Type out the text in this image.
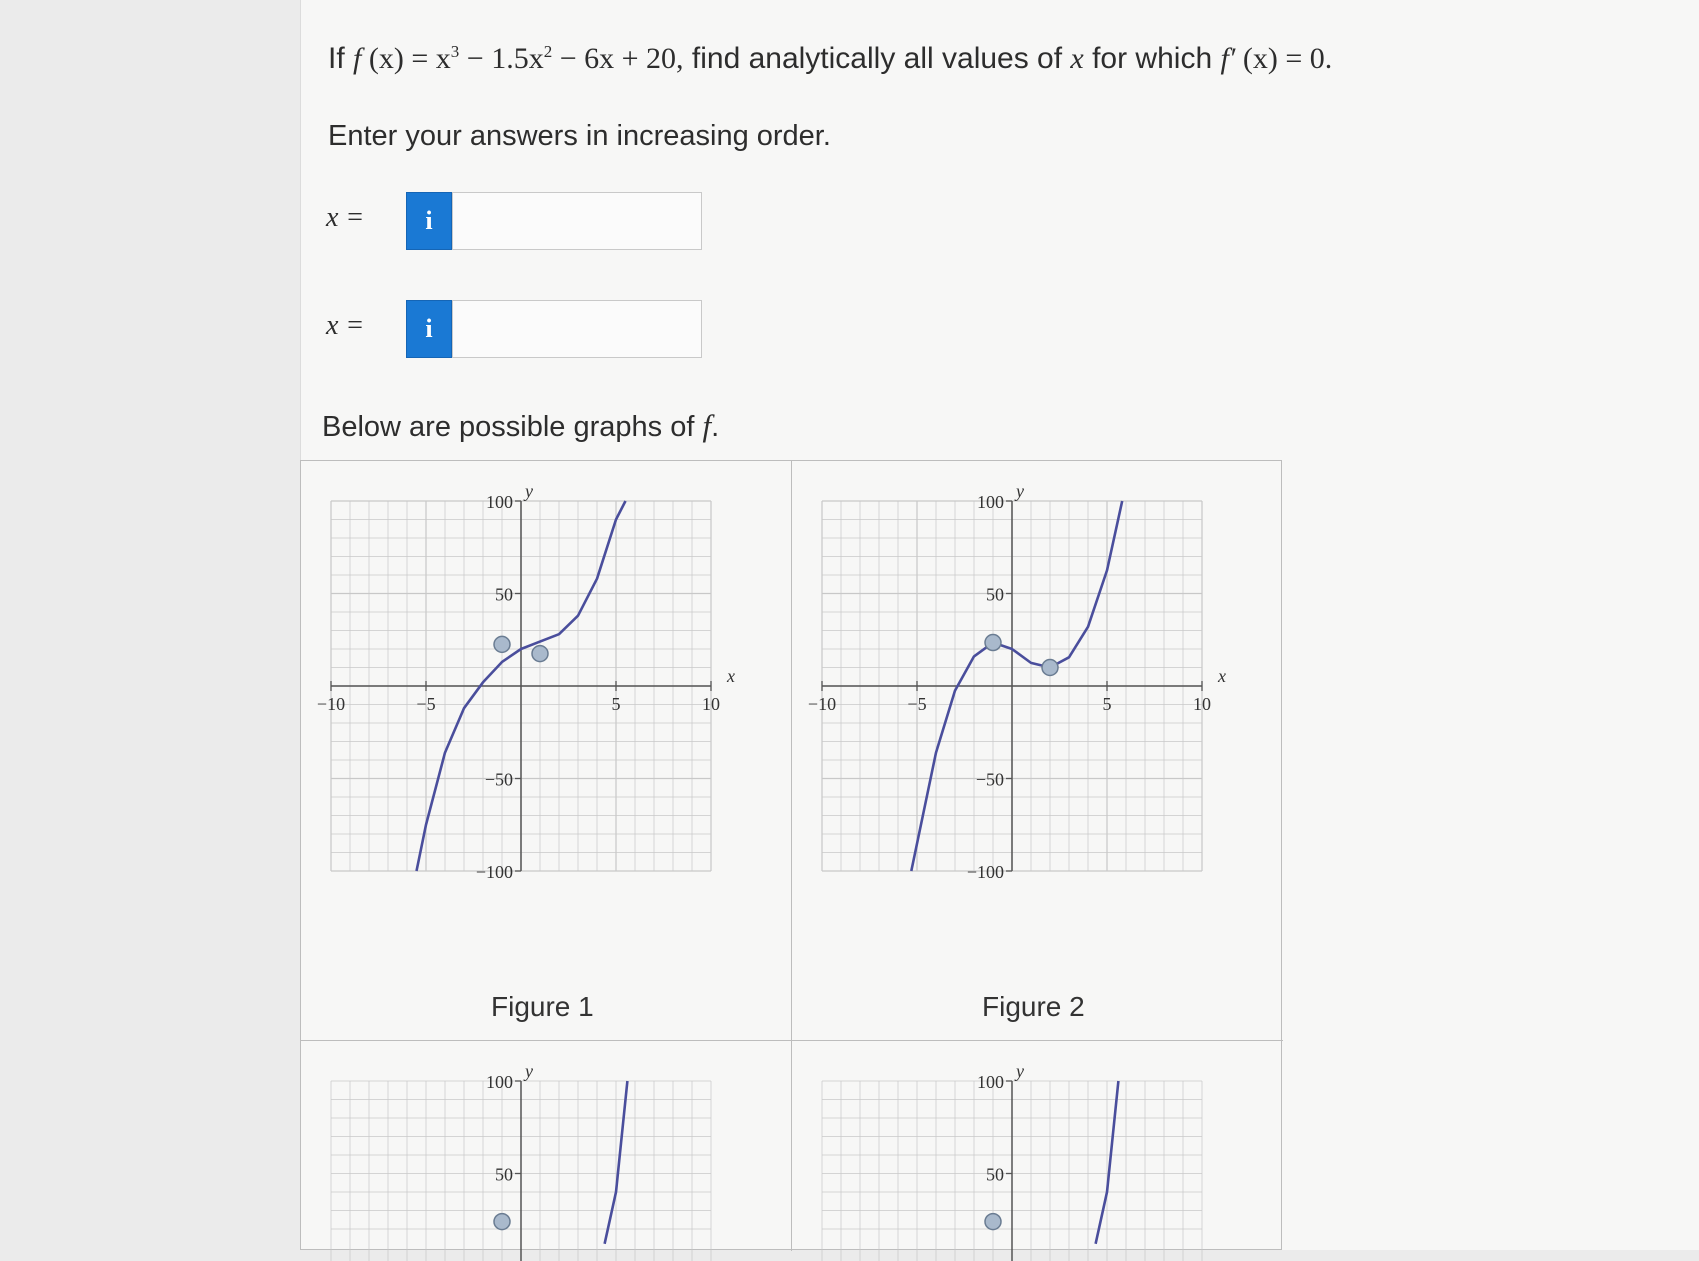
If f $(x) = x^3 - 1.5x^2 - 6x + 20$, find analytically all values of x for which f′ (x) = 0.
Enter your answers in increasing order.
x =	i
x =	i
Below are possible graphs of f.
100
50
−50
−100
−10	−5	5	10
x
y
Figure 1
100
50
−50
−100
−10	−5	5	10
x
y
Figure 2
100
50
y
100
50
y
